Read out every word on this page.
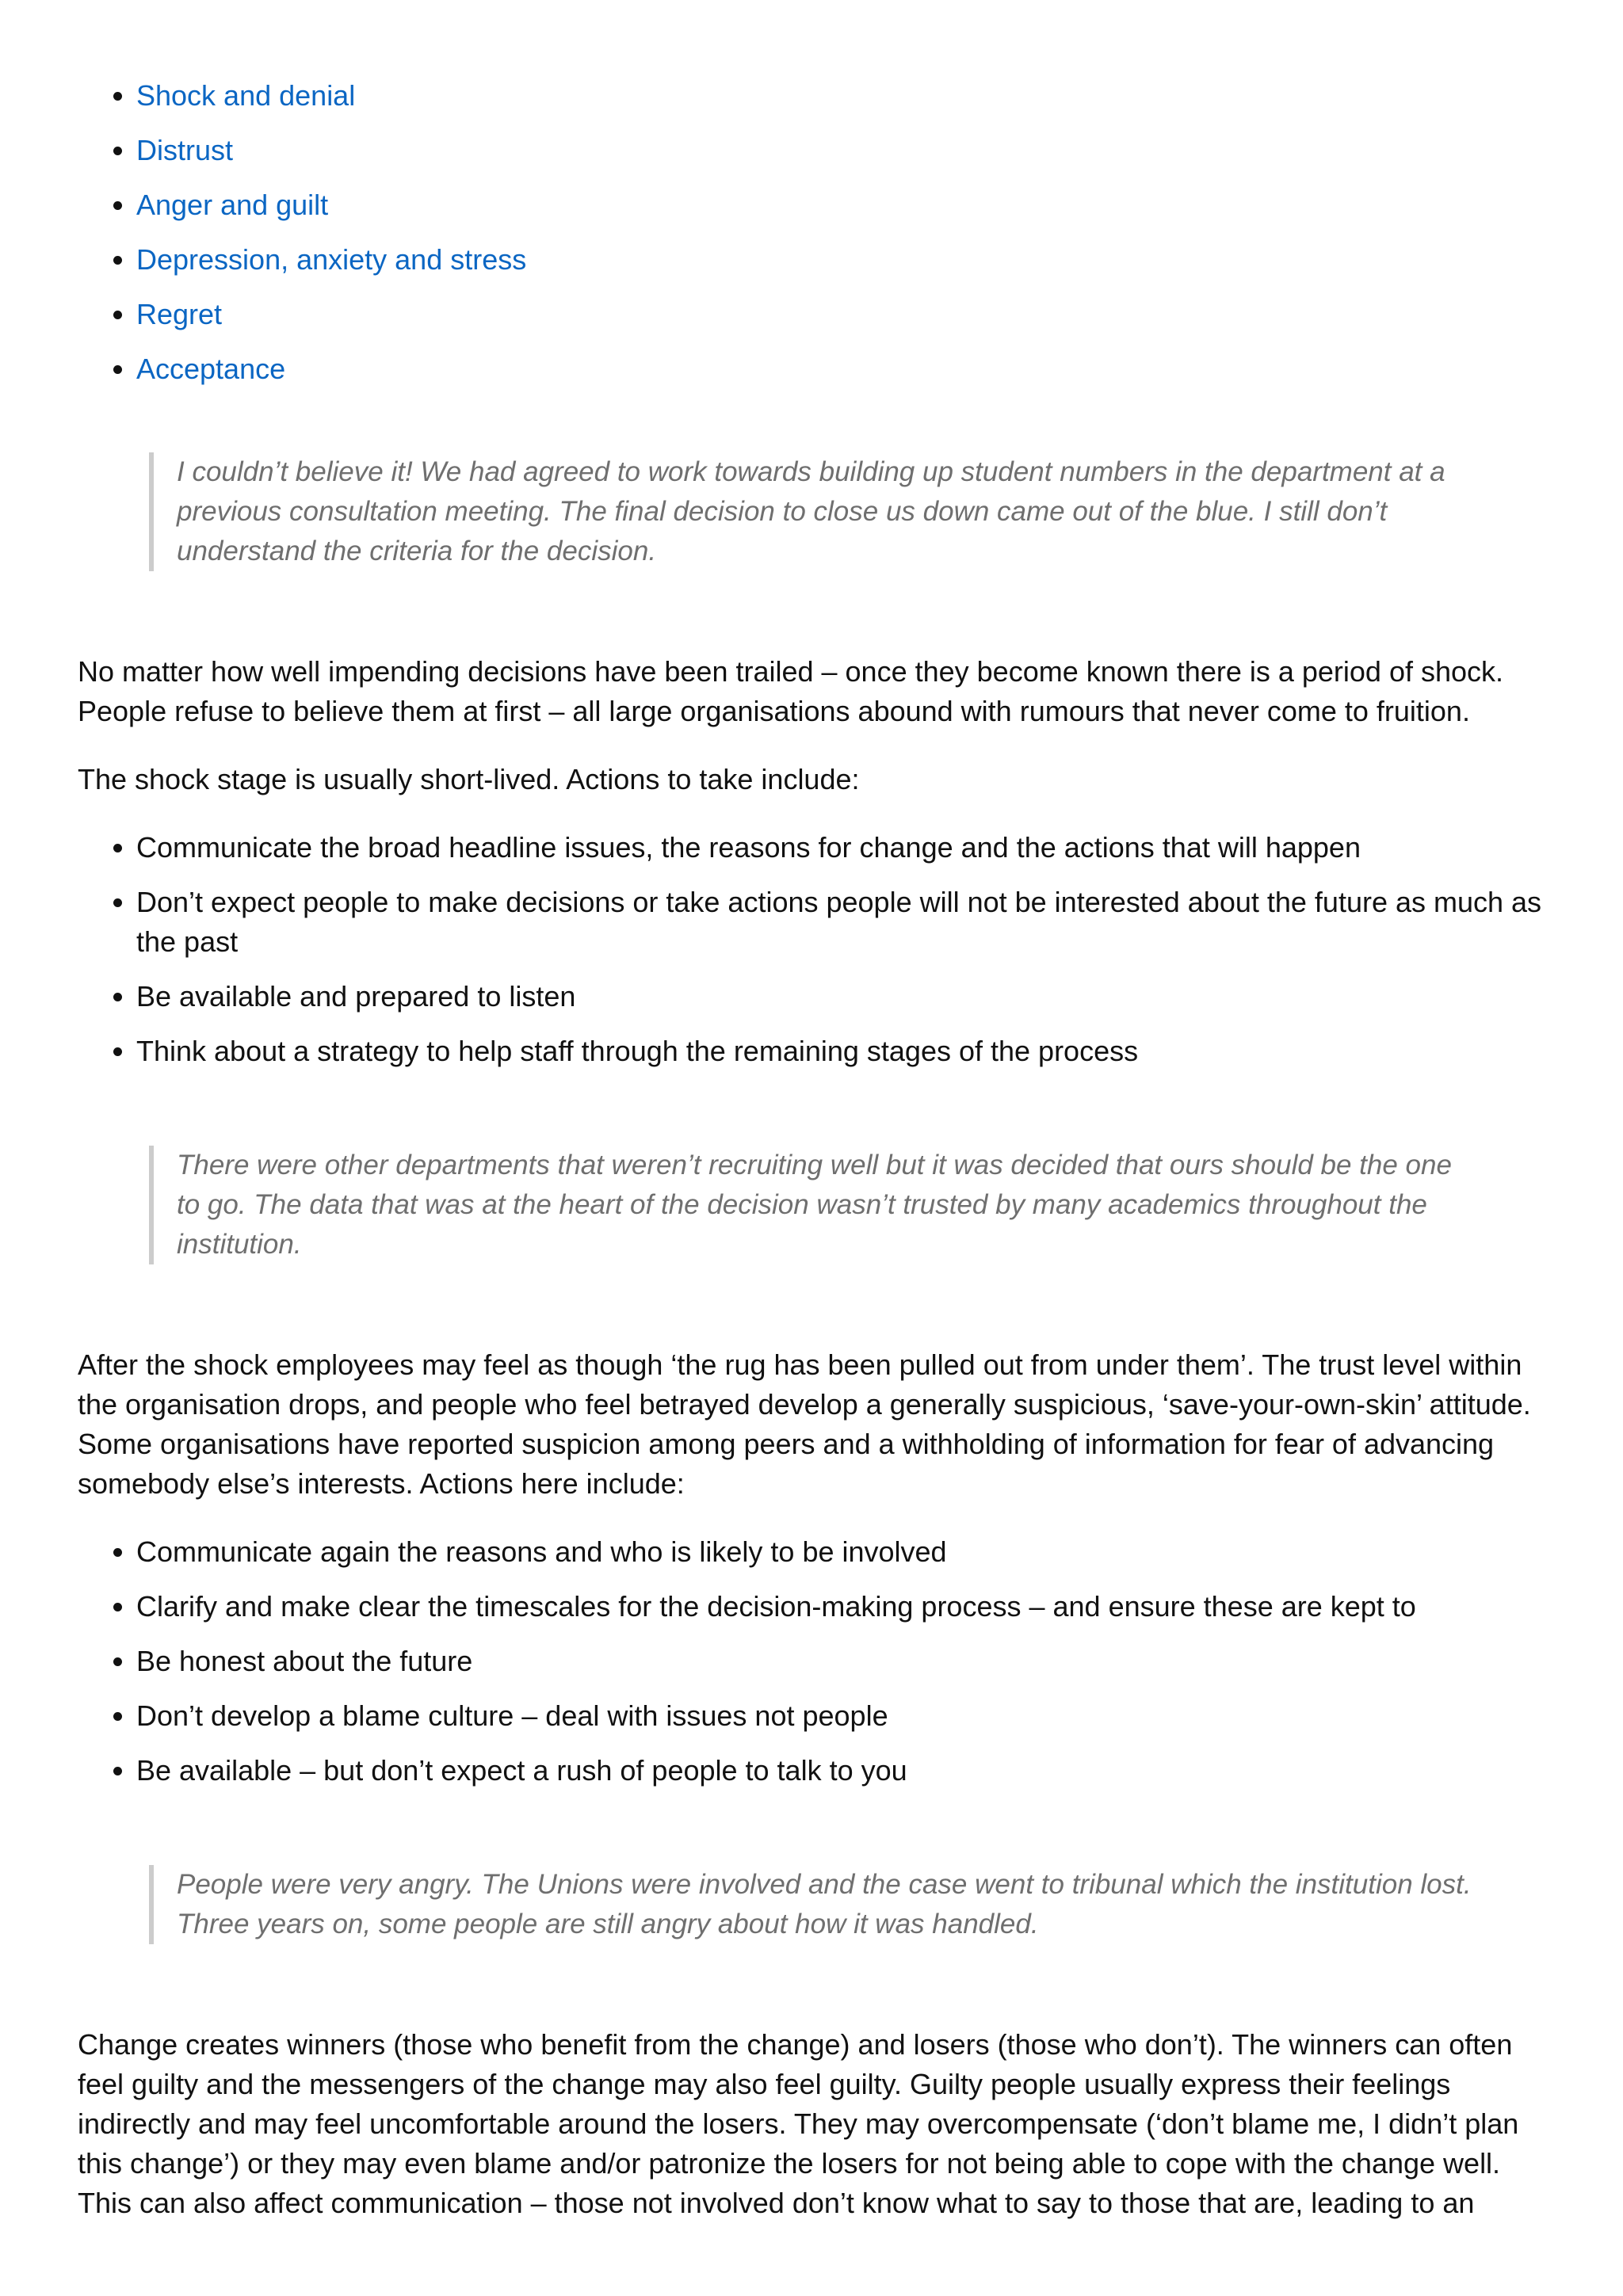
• Shock and denial
• Distrust
• Anger and guilt
• Depression, anxiety and stress
• Regret
• Acceptance

I couldn’t believe it! We had agreed to work towards building up student numbers in the department at a previous consultation meeting. The final decision to close us down came out of the blue. I still don’t understand the criteria for the decision.

No matter how well impending decisions have been trailed – once they become known there is a period of shock. People refuse to believe them at first – all large organisations abound with rumours that never come to fruition.

The shock stage is usually short-lived. Actions to take include:

• Communicate the broad headline issues, the reasons for change and the actions that will happen
• Don’t expect people to make decisions or take actions people will not be interested about the future as much as the past
• Be available and prepared to listen
• Think about a strategy to help staff through the remaining stages of the process

There were other departments that weren’t recruiting well but it was decided that ours should be the one to go. The data that was at the heart of the decision wasn’t trusted by many academics throughout the institution.

After the shock employees may feel as though ‘the rug has been pulled out from under them’. The trust level within the organisation drops, and people who feel betrayed develop a generally suspicious, ‘save-your-own-skin’ attitude. Some organisations have reported suspicion among peers and a withholding of information for fear of advancing somebody else’s interests. Actions here include:

• Communicate again the reasons and who is likely to be involved
• Clarify and make clear the timescales for the decision-making process – and ensure these are kept to
• Be honest about the future
• Don’t develop a blame culture – deal with issues not people
• Be available – but don’t expect a rush of people to talk to you

People were very angry. The Unions were involved and the case went to tribunal which the institution lost. Three years on, some people are still angry about how it was handled.

Change creates winners (those who benefit from the change) and losers (those who don’t). The winners can often feel guilty and the messengers of the change may also feel guilty. Guilty people usually express their feelings indirectly and may feel uncomfortable around the losers. They may overcompensate (‘don’t blame me, I didn’t plan this change’) or they may even blame and/or patronize the losers for not being able to cope with the change well. This can also affect communication – those not involved don’t know what to say to those that are, leading to an
